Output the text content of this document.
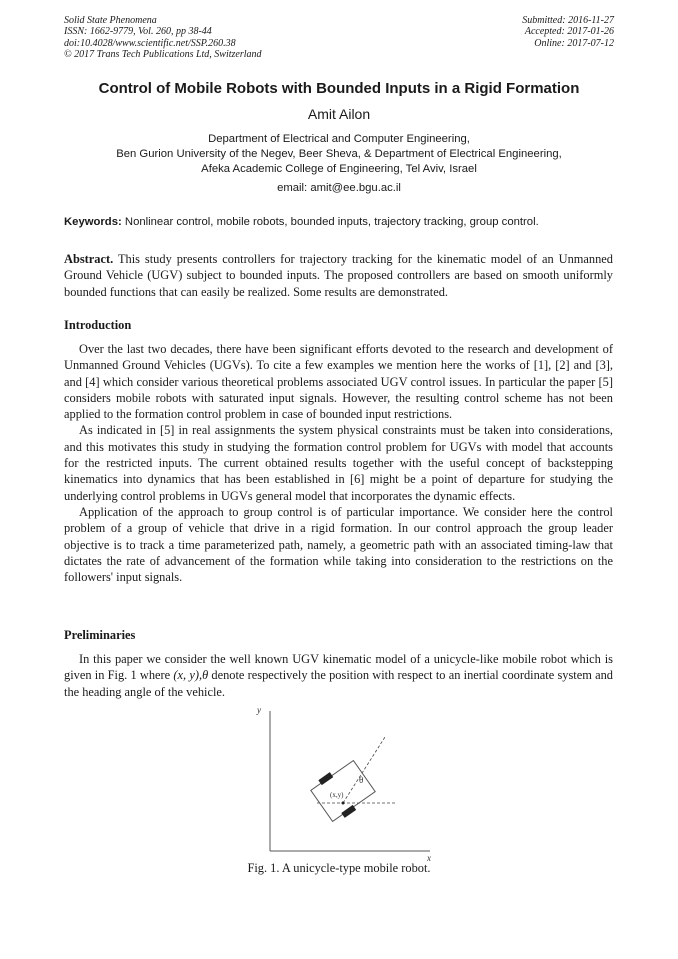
Solid State Phenomena
ISSN: 1662-9779, Vol. 260, pp 38-44
doi:10.4028/www.scientific.net/SSP.260.38
© 2017 Trans Tech Publications Ltd, Switzerland
Submitted: 2016-11-27
Accepted: 2017-01-26
Online: 2017-07-12
Control of Mobile Robots with Bounded Inputs in a Rigid Formation
Amit Ailon
Department of Electrical and Computer Engineering,
Ben Gurion University of the Negev, Beer Sheva, & Department of Electrical Engineering,
Afeka Academic College of Engineering, Tel Aviv, Israel
email: amit@ee.bgu.ac.il
Keywords: Nonlinear control, mobile robots, bounded inputs, trajectory tracking, group control.

Abstract. This study presents controllers for trajectory tracking for the kinematic model of an Unmanned Ground Vehicle (UGV) subject to bounded inputs. The proposed controllers are based on smooth uniformly bounded functions that can easily be realized. Some results are demonstrated.

Introduction

Over the last two decades, there have been significant efforts devoted to the research and development of Unmanned Ground Vehicles (UGVs). To cite a few examples we mention here the works of [1], [2] and [3], and [4] which consider various theoretical problems associated UGV control issues. In particular the paper [5] considers mobile robots with saturated input signals. However, the resulting control scheme has not been applied to the formation control problem in case of bounded input restrictions.

As indicated in [5] in real assignments the system physical constraints must be taken into considerations, and this motivates this study in studying the formation control problem for UGVs with model that accounts for the restricted inputs. The current obtained results together with the useful concept of backstepping kinematics into dynamics that has been established in [6] might be a point of departure for studying the underlying control problems in UGVs general model that incorporates the dynamic effects.

Application of the approach to group control is of particular importance. We consider here the control problem of a group of vehicle that drive in a rigid formation. In our control approach the group leader objective is to track a time parameterized path, namely, a geometric path with an associated timing-law that dictates the rate of advancement of the formation while taking into consideration to the restrictions on the followers' input signals.

Preliminaries

In this paper we consider the well known UGV kinematic model of a unicycle-like mobile robot which is given in Fig. 1 where (x, y),θ denote respectively the position with respect to an inertial coordinate system and the heading angle of the vehicle.

y
x
(x,y)
θ
Fig. 1. A unicycle-type mobile robot.
